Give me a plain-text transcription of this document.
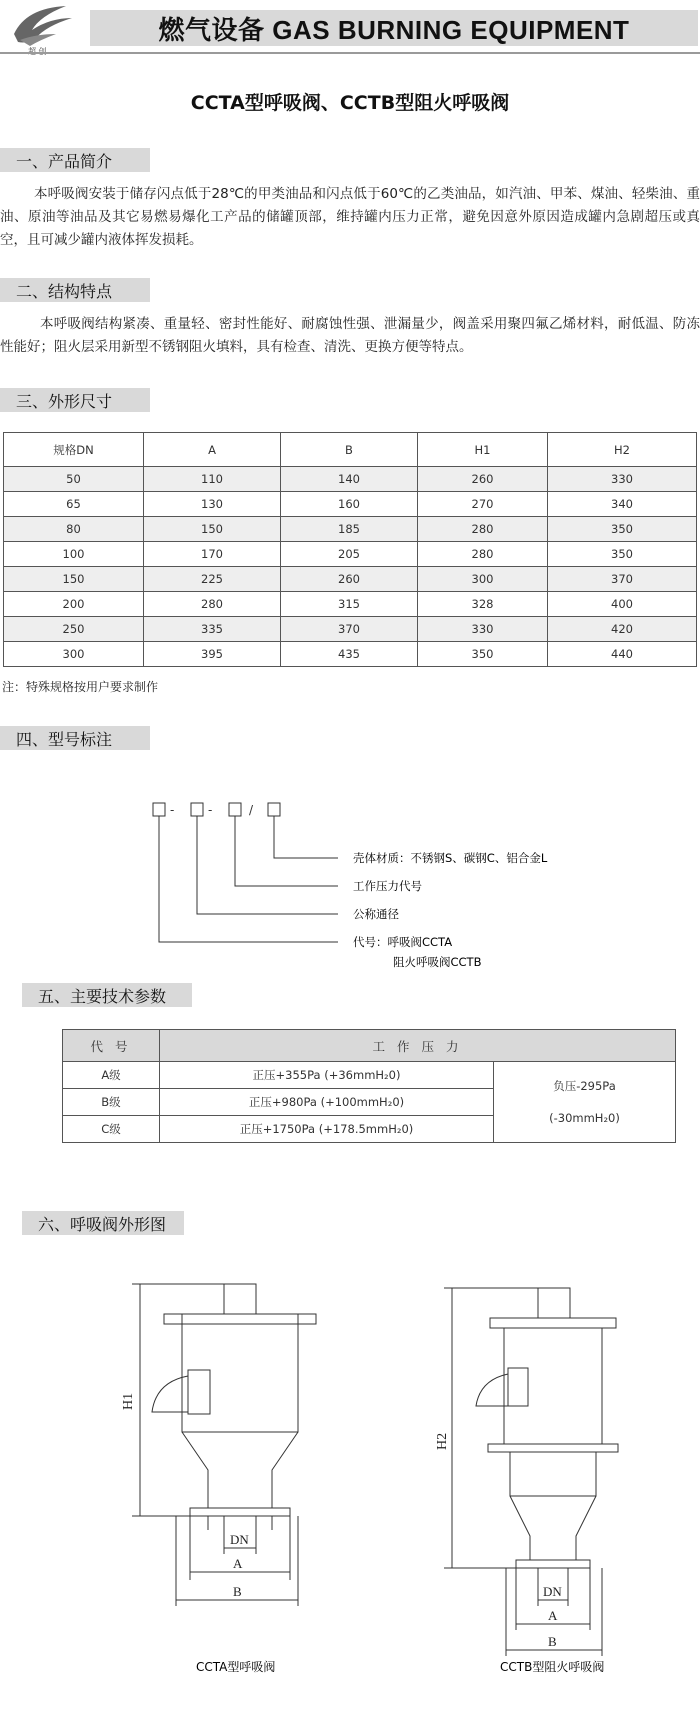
燃气设备 GAS BURNING EQUIPMENT
CCTA型呼吸阀、CCTB型阻火呼吸阀
一、产品简介
本呼吸阀安装于储存闪点低于28℃的甲类油品和闪点低于60℃的乙类油品，如汽油、甲苯、煤油、轻柴油、重油、原油等油品及其它易燃易爆化工产品的储罐顶部，维持罐内压力正常，避免因意外原因造成罐内急剧超压或真空，且可减少罐内液体挥发损耗。
二、结构特点
本呼吸阀结构紧凑、重量轻、密封性能好、耐腐蚀性强、泄漏量少，阀盖采用聚四氟乙烯材料，耐低温、防冻性能好；阻火层采用新型不锈钢阻火填料，具有检查、清洗、更换方便等特点。
三、外形尺寸
规格DN	A	B	H1	H2
50	110	140	260	330
65	130	160	270	340
80	150	185	280	350
100	170	205	280	350
150	225	260	300	370
200	280	315	328	400
250	335	370	330	420
300	395	435	350	440
注：特殊规格按用户要求制作
四、型号标注
-	-	/
壳体材质：不锈钢S、碳钢C、铝合金L
工作压力代号
公称通径
代号：呼吸阀CCTA
阻火呼吸阀CCTB
五、主要技术参数
代 号	工 作 压 力	
A级	正压+355Pa (+36mmH₂0)	负压-295Pa
(-30mmH₂0)

B级	正压+980Pa (+100mmH₂0)	
C级	正压+1750Pa (+178.5mmH₂0)	
六、呼吸阀外形图
H1
DN
A
B
CCTA型呼吸阀
H2
DN
A
B
CCTB型阻火呼吸阀
